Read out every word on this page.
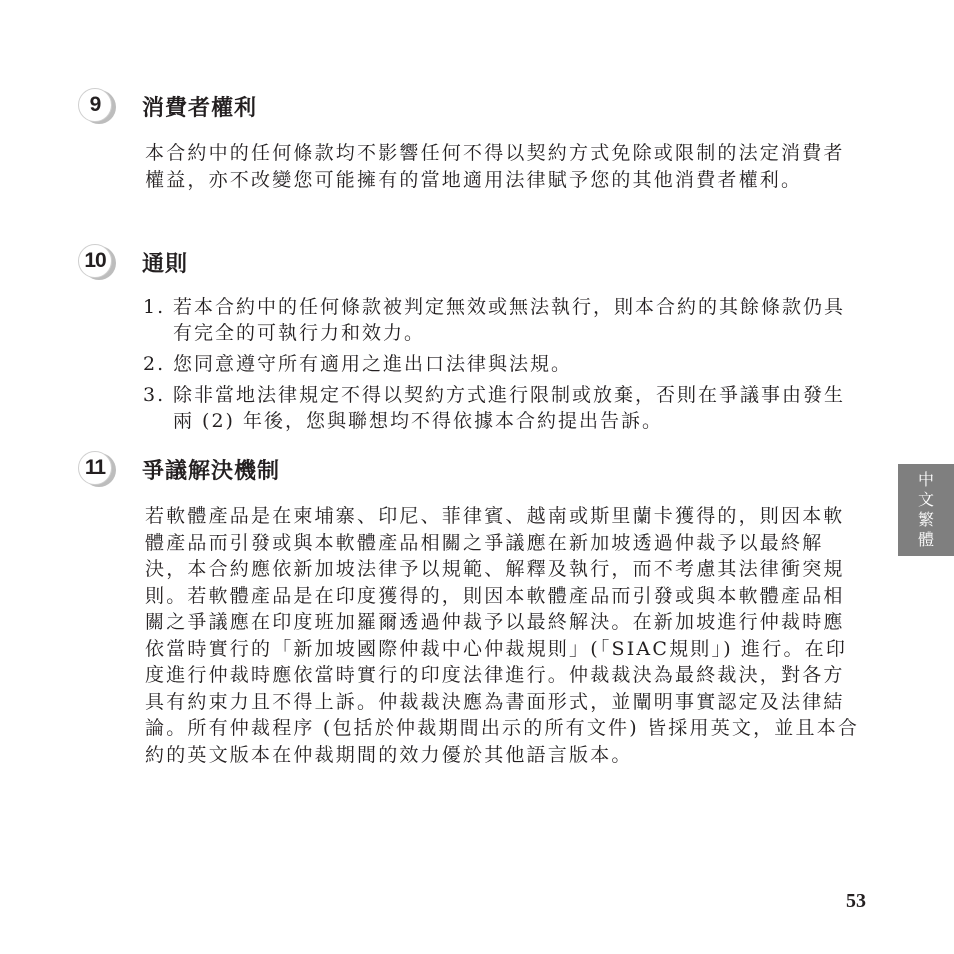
9	消費者權利

本合約中的任何條款均不影響任何不得以契約方式免除或限制的法定消費者權益，亦不改變您可能擁有的當地適用法律賦予您的其他消費者權利。

10 通則
1. 若本合約中的任何條款被判定無效或無法執行，則本合約的其餘條款仍具有完全的可執行力和效力。
2. 您同意遵守所有適用之進出口法律與法規。
3. 除非當地法律規定不得以契約方式進行限制或放棄，否則在爭議事由發生兩 (2) 年後，您與聯想均不得依據本合約提出告訴。
11	爭議解決機制

若軟體產品是在柬埔寨、印尼、菲律賓、越南或斯里蘭卡獲得的，則因本軟體產品而引發或與本軟體產品相關之爭議應在新加坡透過仲裁予以最終解決，本合約應依新加坡法律予以規範、解釋及執行，而不考慮其法律衝突規則。若軟體產品是在印度獲得的，則因本軟體產品而引發或與本軟體產品相關之爭議應在印度班加羅爾透過仲裁予以最終解決。在新加坡進行仲裁時應依當時實行的「新加坡國際仲裁中心仲裁規則」(「SIAC規則」) 進行。在印度進行仲裁時應依當時實行的印度法律進行。仲裁裁決為最終裁決，對各方具有約束力且不得上訴。仲裁裁決應為書面形式，並闡明事實認定及法律結論。所有仲裁程序 (包括於仲裁期間出示的所有文件) 皆採用英文，並且本合約的英文版本在仲裁期間的效力優於其他語言版本。

中
文
繁
體
53
